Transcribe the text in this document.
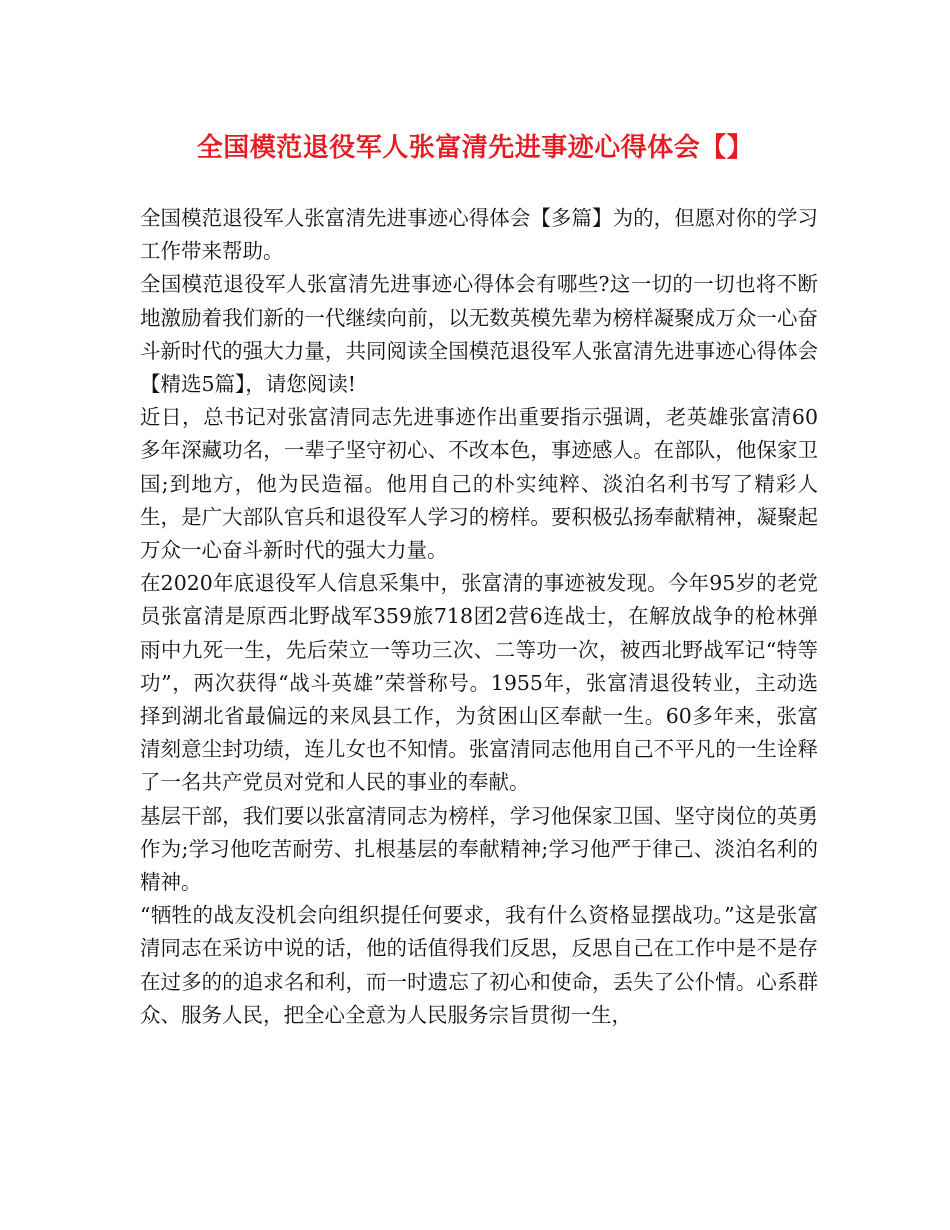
全国模范退役军人张富清先进事迹心得体会【】

全国模范退役军人张富清先进事迹心得体会【多篇】为的，但愿对你的学习工作带来帮助。

全国模范退役军人张富清先进事迹心得体会有哪些?这一切的一切也将不断地激励着我们新的一代继续向前，以无数英模先辈为榜样凝聚成万众一心奋斗新时代的强大力量，共同阅读全国模范退役军人张富清先进事迹心得体会【精选5篇】，请您阅读!

近日，总书记对张富清同志先进事迹作出重要指示强调，老英雄张富清60多年深藏功名，一辈子坚守初心、不改本色，事迹感人。在部队，他保家卫国;到地方，他为民造福。他用自己的朴实纯粹、淡泊名利书写了精彩人生，是广大部队官兵和退役军人学习的榜样。要积极弘扬奉献精神，凝聚起万众一心奋斗新时代的强大力量。

在2020年底退役军人信息采集中，张富清的事迹被发现。今年95岁的老党员张富清是原西北野战军359旅718团2营6连战士，在解放战争的枪林弹雨中九死一生，先后荣立一等功三次、二等功一次，被西北野战军记“特等功”，两次获得“战斗英雄”荣誉称号。1955年，张富清退役转业，主动选择到湖北省最偏远的来凤县工作，为贫困山区奉献一生。60多年来，张富清刻意尘封功绩，连儿女也不知情。张富清同志他用自己不平凡的一生诠释了一名共产党员对党和人民的事业的奉献。

基层干部，我们要以张富清同志为榜样，学习他保家卫国、坚守岗位的英勇作为;学习他吃苦耐劳、扎根基层的奉献精神;学习他严于律己、淡泊名利的精神。

“牺牲的战友没机会向组织提任何要求，我有什么资格显摆战功。”这是张富清同志在采访中说的话，他的话值得我们反思，反思自己在工作中是不是存在过多的的追求名和利，而一时遗忘了初心和使命，丢失了公仆情。心系群众、服务人民，把全心全意为人民服务宗旨贯彻一生，
